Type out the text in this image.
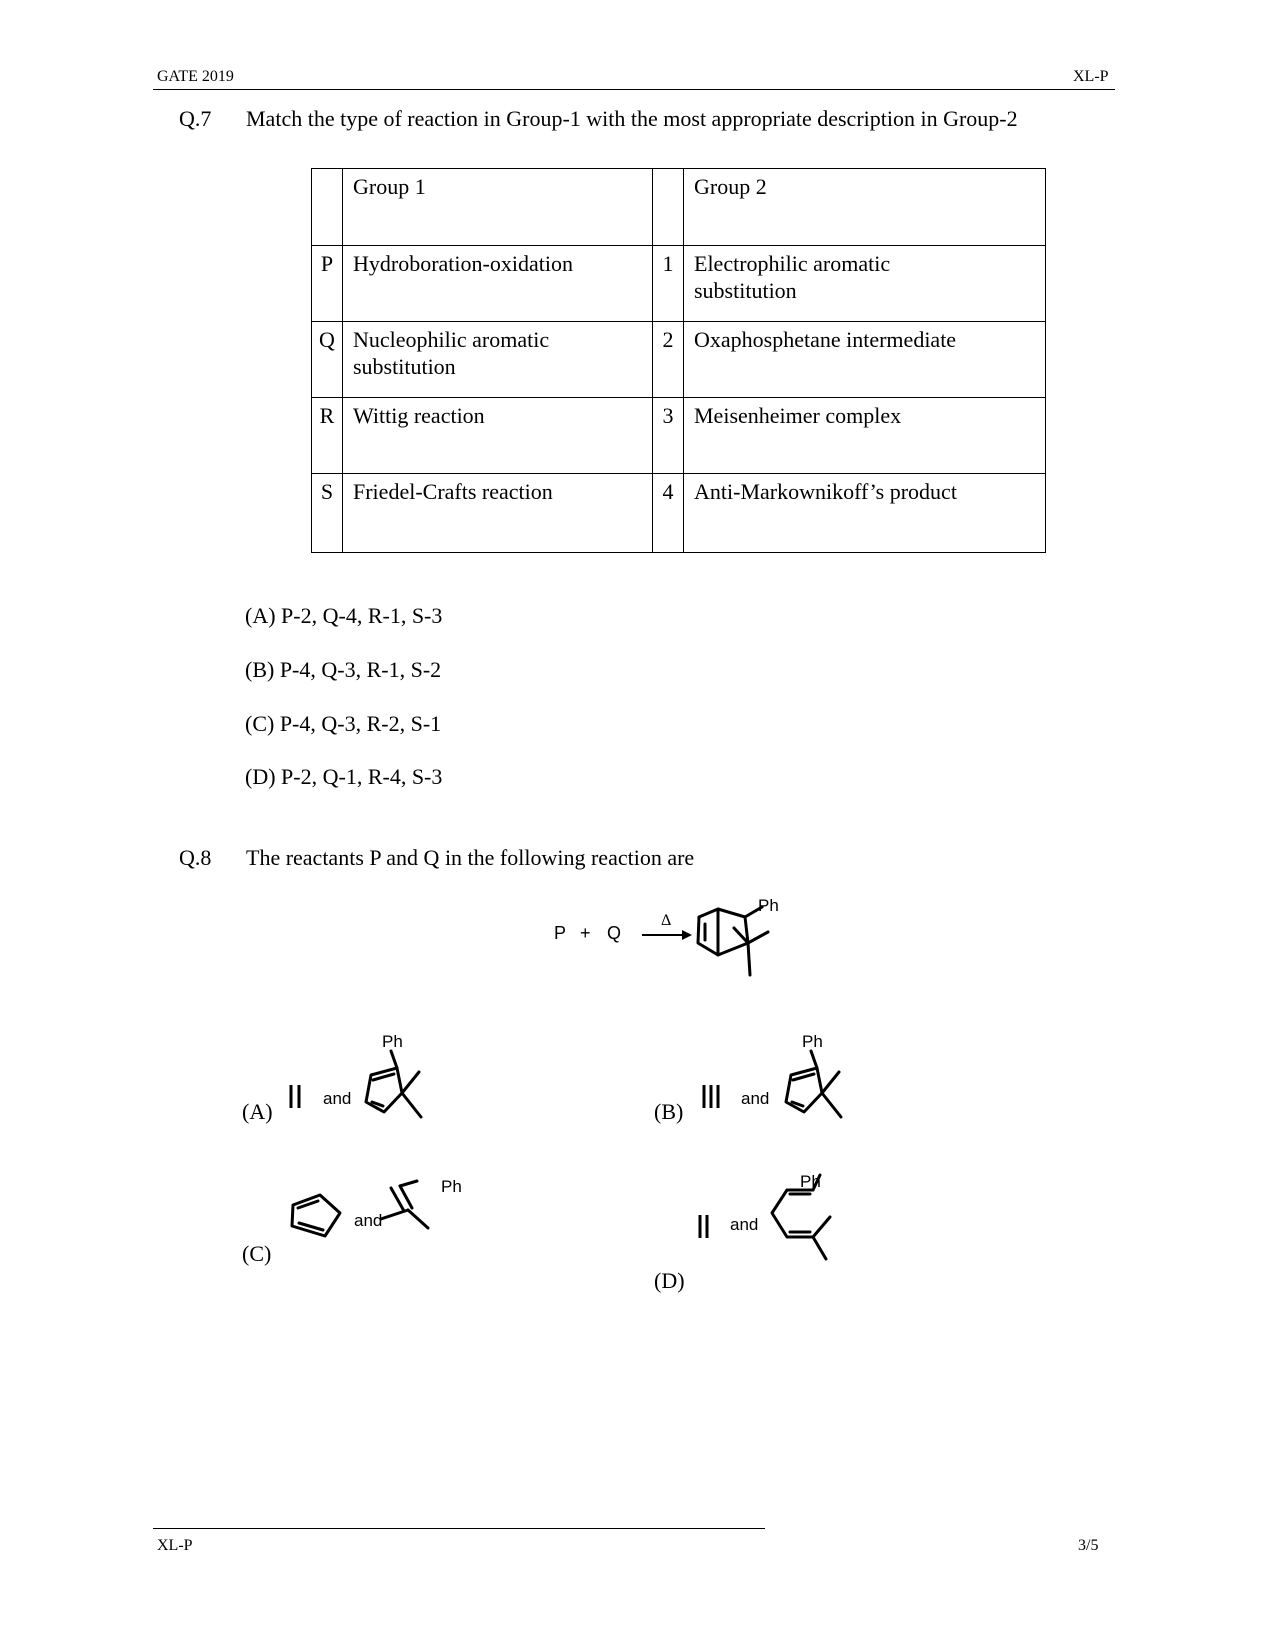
GATE 2019	XL-P
Q.7 Match the type of reaction in Group-1 with the most appropriate description in Group-2
	Group 1		Group 2
P	Hydroboration-oxidation	1	Electrophilic aromatic substitution
Q	Nucleophilic aromatic substitution	2	Oxaphosphetane intermediate
R	Wittig reaction	3	Meisenheimer complex
S	Friedel-Crafts reaction	4	Anti-Markownikoff’s product
(A) P-2, Q-4, R-1, S-3
(B) P-4, Q-3, R-1, S-2
(C) P-4, Q-3, R-2, S-1
(D) P-2, Q-1, R-4, S-3
Q.8 The reactants P and Q in the following reaction are
P + Q
Δ
Ph
(A)
and
Ph
(B)
and
Ph
(C)
and
Ph
(D)
and
Ph
XL-P	3/5
